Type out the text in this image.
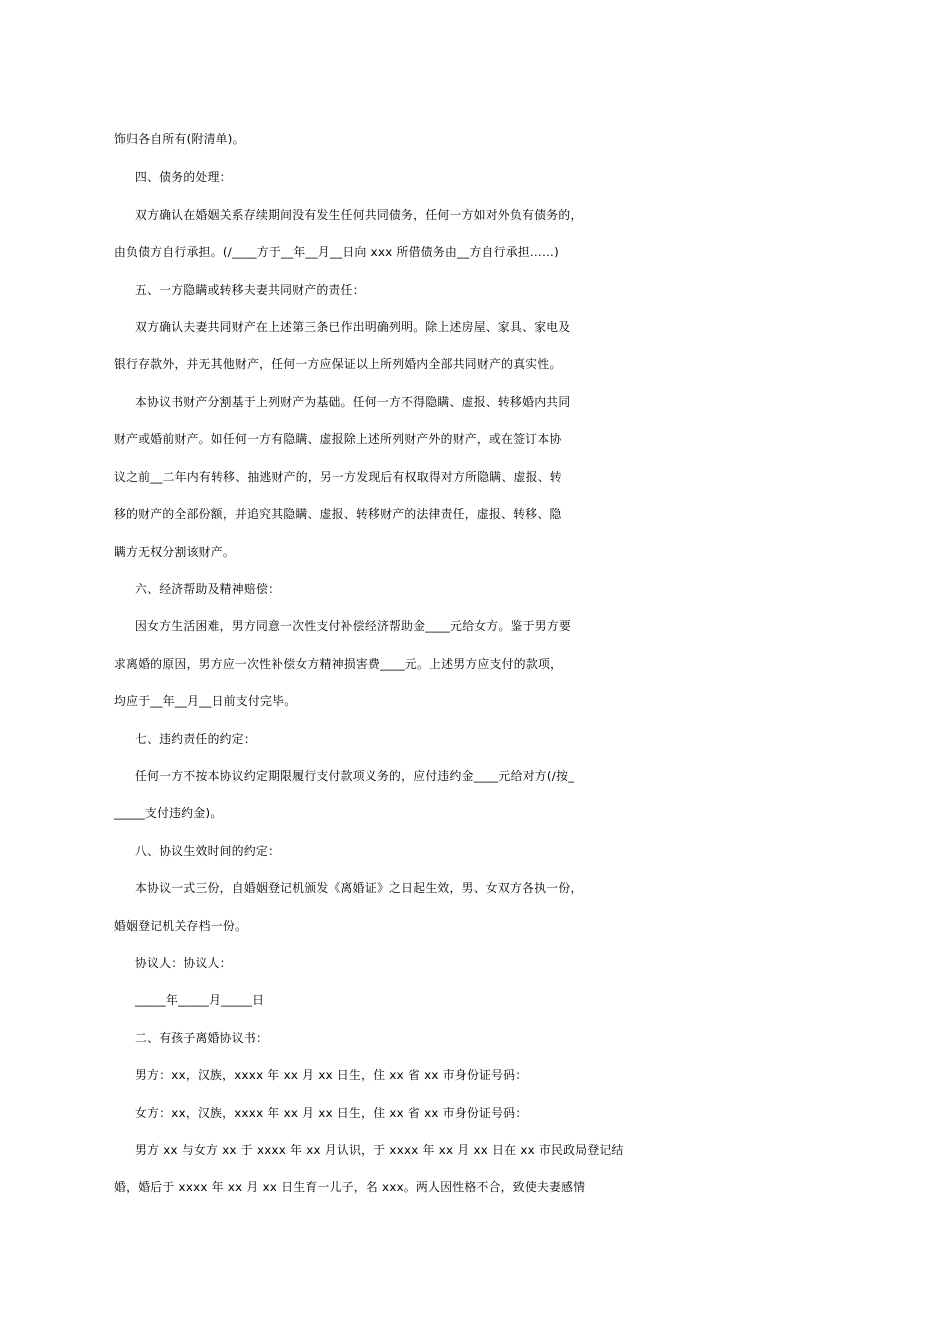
饰归各自所有(附清单)。
四、债务的处理：
双方确认在婚姻关系存续期间没有发生任何共同债务，任何一方如对外负有债务的，
由负债方自行承担。(/____方于__年__月__日向 xxx 所借债务由__方自行承担……)
五、一方隐瞒或转移夫妻共同财产的责任：
双方确认夫妻共同财产在上述第三条已作出明确列明。除上述房屋、家具、家电及
银行存款外，并无其他财产，任何一方应保证以上所列婚内全部共同财产的真实性。
本协议书财产分割基于上列财产为基础。任何一方不得隐瞒、虚报、转移婚内共同
财产或婚前财产。如任何一方有隐瞒、虚报除上述所列财产外的财产，或在签订本协
议之前__二年内有转移、抽逃财产的，另一方发现后有权取得对方所隐瞒、虚报、转
移的财产的全部份额，并追究其隐瞒、虚报、转移财产的法律责任，虚报、转移、隐
瞒方无权分割该财产。
六、经济帮助及精神赔偿：
因女方生活困难，男方同意一次性支付补偿经济帮助金____元给女方。鉴于男方要
求离婚的原因，男方应一次性补偿女方精神损害费____元。上述男方应支付的款项，
均应于__年__月__日前支付完毕。
七、违约责任的约定：
任何一方不按本协议约定期限履行支付款项义务的，应付违约金____元给对方(/按_
_____支付违约金)。
八、协议生效时间的约定：
本协议一式三份，自婚姻登记机颁发《离婚证》之日起生效，男、女双方各执一份，
婚姻登记机关存档一份。
协议人：协议人：
_____年_____月_____日
二、有孩子离婚协议书：
男方：xx，汉族，xxxx 年 xx 月 xx 日生，住 xx 省 xx 市身份证号码：
女方：xx，汉族，xxxx 年 xx 月 xx 日生，住 xx 省 xx 市身份证号码：
男方 xx 与女方 xx 于 xxxx 年 xx 月认识，于 xxxx 年 xx 月 xx 日在 xx 市民政局登记结
婚，婚后于 xxxx 年 xx 月 xx 日生育一儿子，名 xxx。两人因性格不合，致使夫妻感情
